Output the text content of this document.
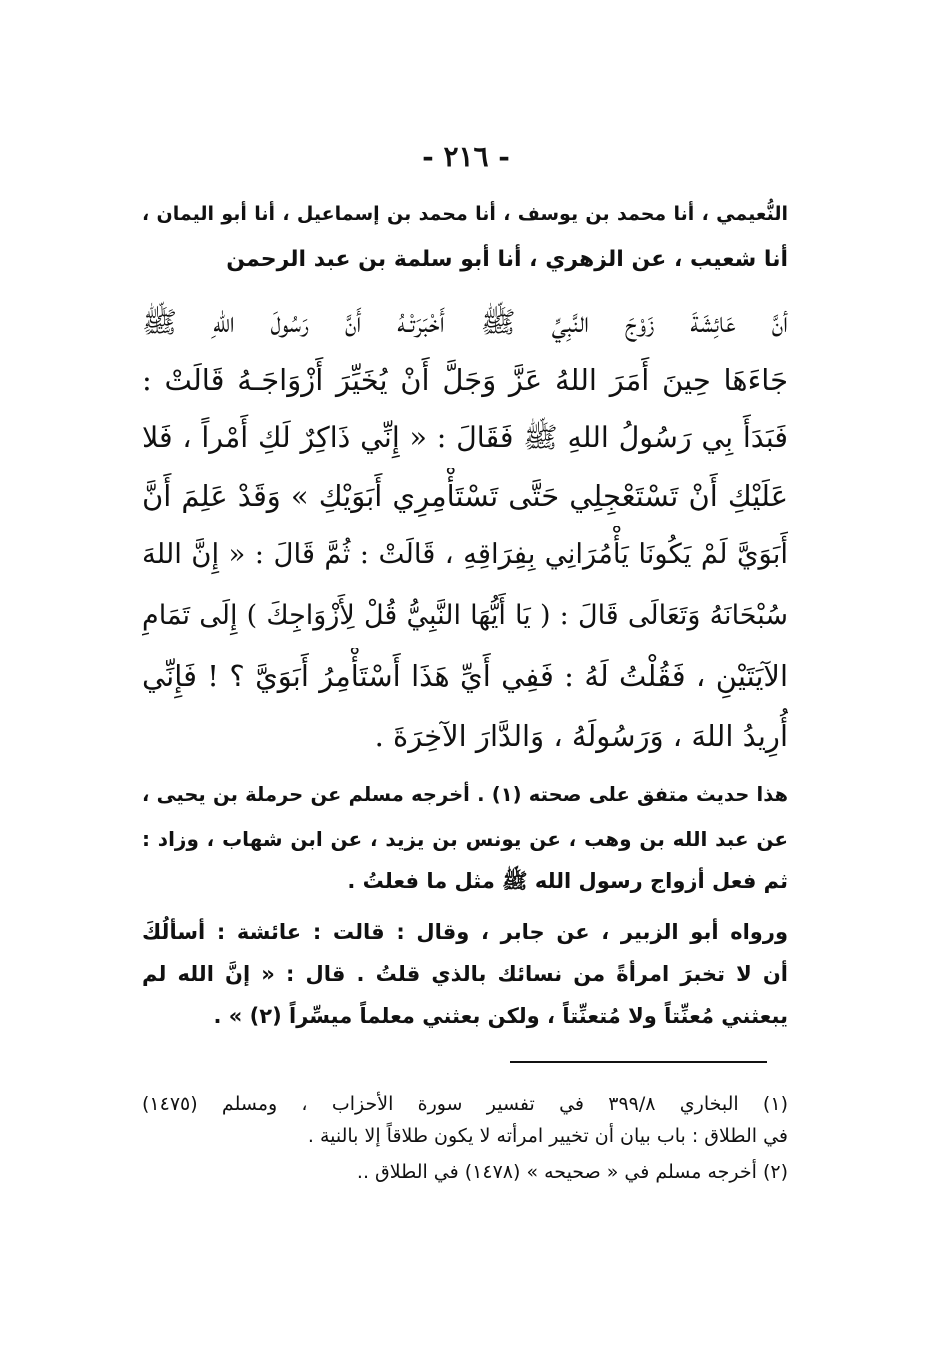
- ٢١٦ -
النُّعيمي ، أنا محمد بن يوسف ، أنا محمد بن إسماعيل ، أنا أبو اليمان ،
أنا شعيب ، عن الزهري ، أنا أبو سلمة بن عبد الرحمن
أنَّ عَائِشَةَ زَوْجَ النَّبِيِّ ﷺ أَخْبَرَتْـهُ أَنَّ رَسُولَ اللهِ ﷺ
جَاءَهَا حِينَ أَمَرَ اللهُ عَزَّ وَجَلَّ أَنْ يُخَيِّرَ أَزْوَاجَـهُ قَالَتْ :
فَبَدَأَ بِي رَسُولُ اللهِ ﷺ فَقَالَ : « إِنِّي ذَاكِرٌ لَكِ أَمْراً ، فَلا
عَلَيْكِ أَنْ تَسْتَعْجِلِي حَتَّى تَسْتَأْمِرِي أَبَوَيْكِ » وَقَدْ عَلِمَ أَنَّ
أَبَوَيَّ لَمْ يَكُونَا يَأْمُرَانِي بِفِرَاقِهِ ، قَالَتْ : ثُمَّ قَالَ : « إِنَّ اللهَ
سُبْحَانَهُ وَتَعَالَى قَالَ : ( يَا أَيُّهَا النَّبِيُّ قُلْ لِأَزْوَاجِكَ ) إِلَى تَمَامِ
الآيَتَيْنِ ، فَقُلْتُ لَهُ : فَفِي أَيِّ هَذَا أَسْتَأْمِرُ أَبَوَيَّ ؟ ! فَإِنِّي
أُرِيدُ اللهَ ، وَرَسُولَهُ ، وَالدَّارَ الآخِرَةَ .
هذا حديث متفق على صحته (١) . أخرجه مسلم عن حرملة بن يحيى ،
عن عبد الله بن وهب ، عن يونس بن يزيد ، عن ابن شهاب ، وزاد :
ثم فعل أزواج رسول الله ﷺ مثل ما فعلتُ .
ورواه أبو الزبير ، عن جابر ، وقال : قالت : عائشة : أسألُكَ
أن لا تخبرَ امرأةً من نسائك بالذي قلتُ . قال : « إنَّ الله لم
يبعثني مُعنِّتاً ولا مُتعنِّتاً ، ولكن بعثني معلماً ميسِّراً (٢) » .
(١) البخاري ٣٩٩/٨ في تفسير سورة الأحزاب ، ومسلم (١٤٧٥)
في الطلاق : باب بيان أن تخيير امرأته لا يكون طلاقاً إلا بالنية .
(٢) أخرجه مسلم في « صحيحه » (١٤٧٨) في الطلاق ..
